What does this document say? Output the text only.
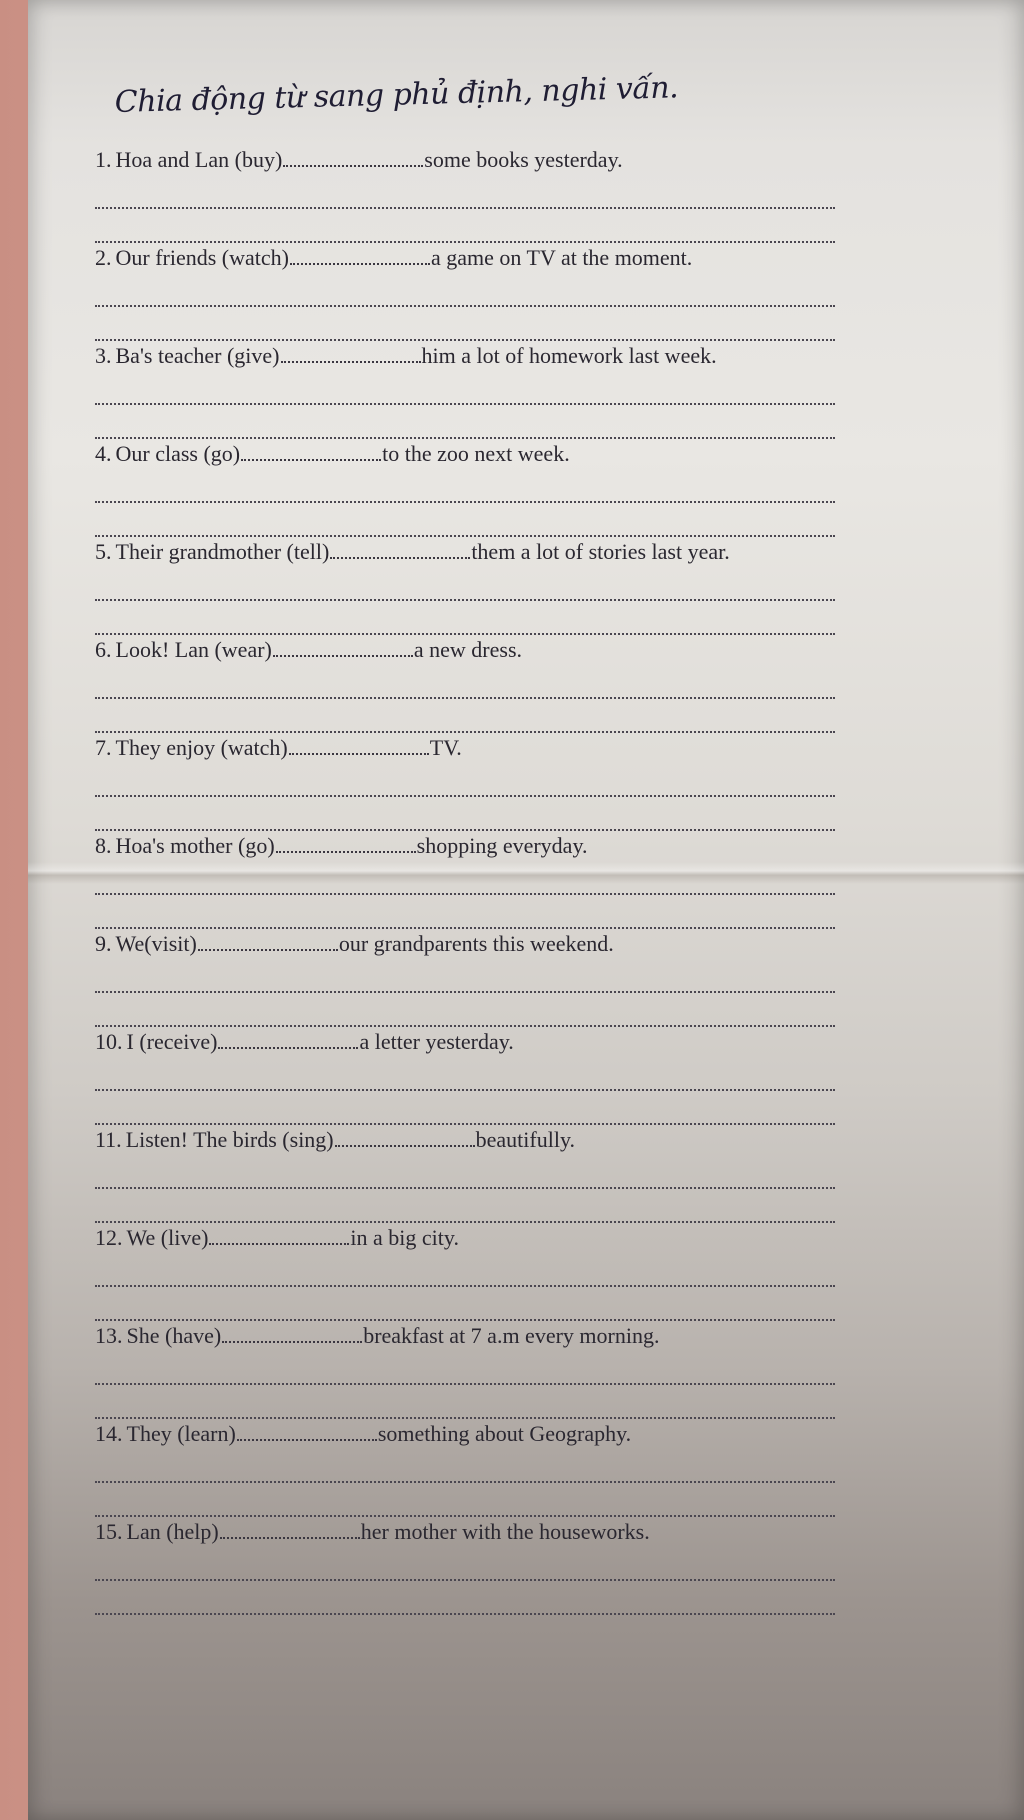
Chia động từ sang phủ định, nghi vấn.
1. Hoa and Lan (buy)	some books yesterday.
2. Our friends (watch)	a game on TV at the moment.
3. Ba's teacher (give)	him a lot of homework last week.
4. Our class (go)	to the zoo next week.
5. Their grandmother (tell)	them a lot of stories last year.
6. Look! Lan (wear)	a new dress.
7. They enjoy (watch)	TV.
8. Hoa's mother (go)	shopping everyday.
9. We(visit)	our grandparents this weekend.
10. I (receive)	a letter yesterday.
11. Listen! The birds (sing)	beautifully.
12. We (live)	in a big city.
13. She (have)	breakfast at 7 a.m every morning.
14. They (learn)	something about Geography.
15. Lan (help)	her mother with the houseworks.
